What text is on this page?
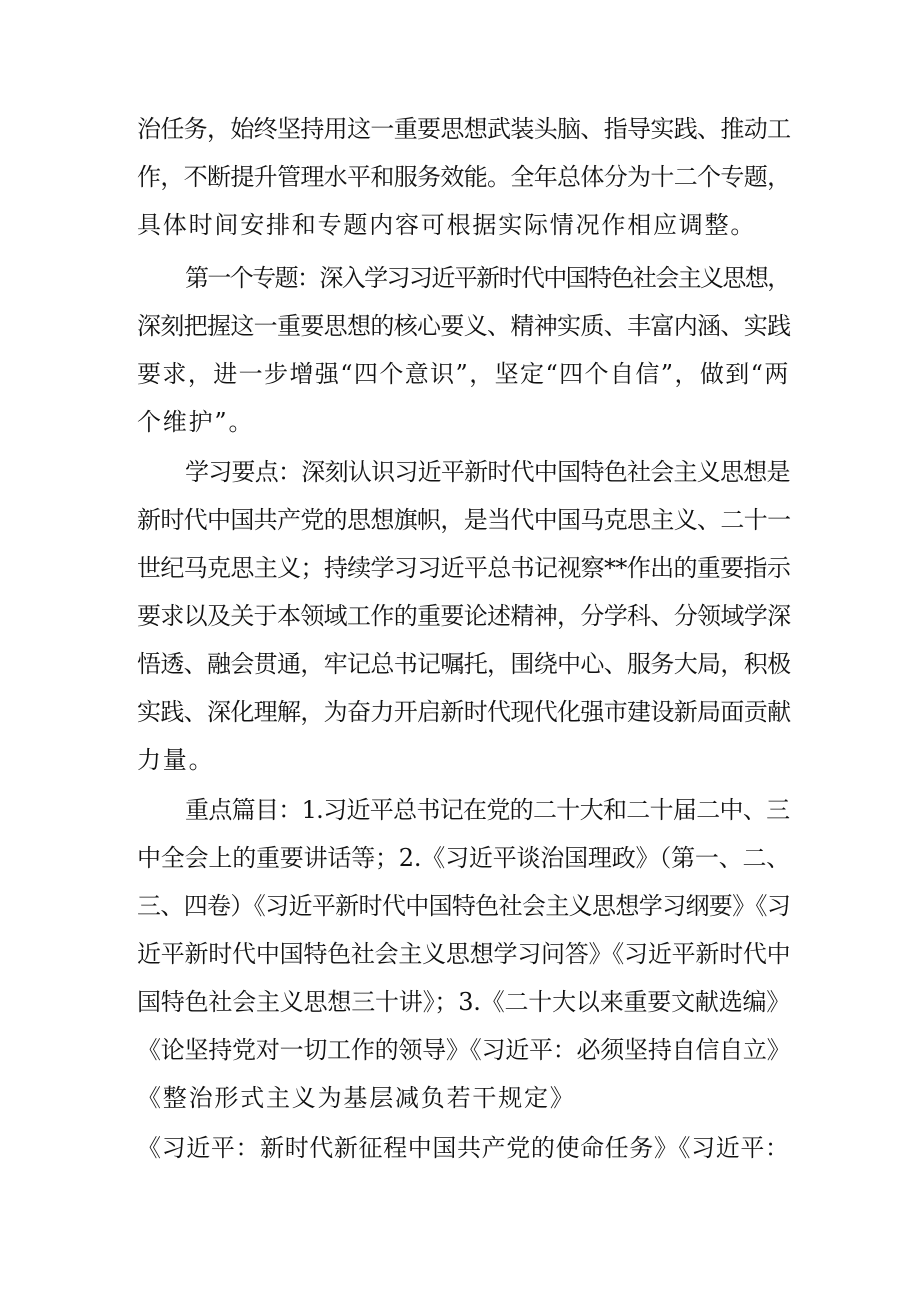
治任务，始终坚持用这一重要思想武装头脑、指导实践、推动工

作，不断提升管理水平和服务效能。全年总体分为十二个专题，

具体时间安排和专题内容可根据实际情况作相应调整。

第一个专题：深入学习习近平新时代中国特色社会主义思想，

深刻把握这一重要思想的核心要义、精神实质、丰富内涵、实践

要求，进一步增强“四个意识”，坚定“四个自信”，做到“两

个维护”。

学习要点：深刻认识习近平新时代中国特色社会主义思想是

新时代中国共产党的思想旗帜，是当代中国马克思主义、二十一

世纪马克思主义；持续学习习近平总书记视察**作出的重要指示

要求以及关于本领域工作的重要论述精神，分学科、分领域学深

悟透、融会贯通，牢记总书记嘱托，围绕中心、服务大局，积极

实践、深化理解，为奋力开启新时代现代化强市建设新局面贡献

力量。

重点篇目：1.习近平总书记在党的二十大和二十届二中、三

中全会上的重要讲话等；2.《习近平谈治国理政》（第一、二、

三、四卷）《习近平新时代中国特色社会主义思想学习纲要》《习

近平新时代中国特色社会主义思想学习问答》《习近平新时代中

国特色社会主义思想三十讲》；3.《二十大以来重要文献选编》

《论坚持党对一切工作的领导》《习近平：必须坚持自信自立》

《整治形式主义为基层减负若干规定》

《习近平：新时代新征程中国共产党的使命任务》《习近平：
